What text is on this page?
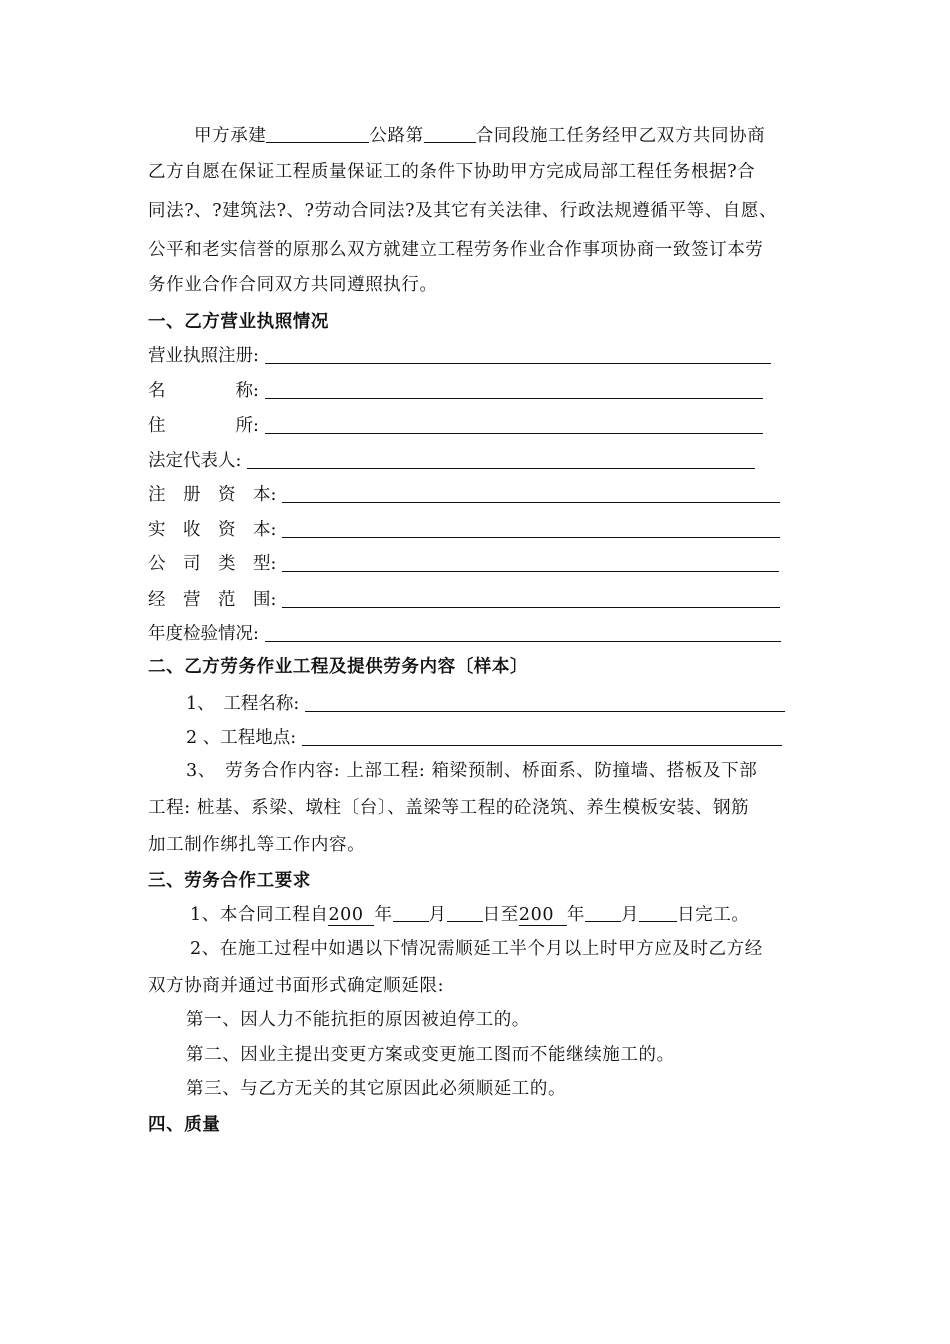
甲方承建	公路第	合同段施工任务经甲乙双方共同协商
乙方自愿在保证工程质量保证工的条件下协助甲方完成局部工程任务根据?合
同法?、?建筑法?、?劳动合同法?及其它有关法律、行政法规遵循平等、自愿、
公平和老实信誉的原那么双方就建立工程劳务作业合作事项协商一致签订本劳
务作业合作合同双方共同遵照执行。
一、乙方营业执照情况
营业执照注册:
名　　　　称:
住　　　　所:
法定代表人:
注　册　资　本:
实　收　资　本:
公　司　类　型:
经　营　范　围:
年度检验情况:
二、乙方劳务作业工程及提供劳务内容〔样本〕
1、　工程名称:
2 、工程地点:
3、　劳务合作内容: 上部工程: 箱梁预制、桥面系、防撞墙、搭板及下部
工程: 桩基、系梁、墩柱〔台〕、盖梁等工程的砼浇筑、养生模板安装、钢筋
加工制作绑扎等工作内容。
三、劳务合作工要求
1、本合同工程自200 年 月 日至200 年 月 日完工。
2、在施工过程中如遇以下情况需顺延工半个月以上时甲方应及时乙方经
双方协商并通过书面形式确定顺延限:
第一、因人力不能抗拒的原因被迫停工的。
第二、因业主提出变更方案或变更施工图而不能继续施工的。
第三、与乙方无关的其它原因此必须顺延工的。
四、质量
